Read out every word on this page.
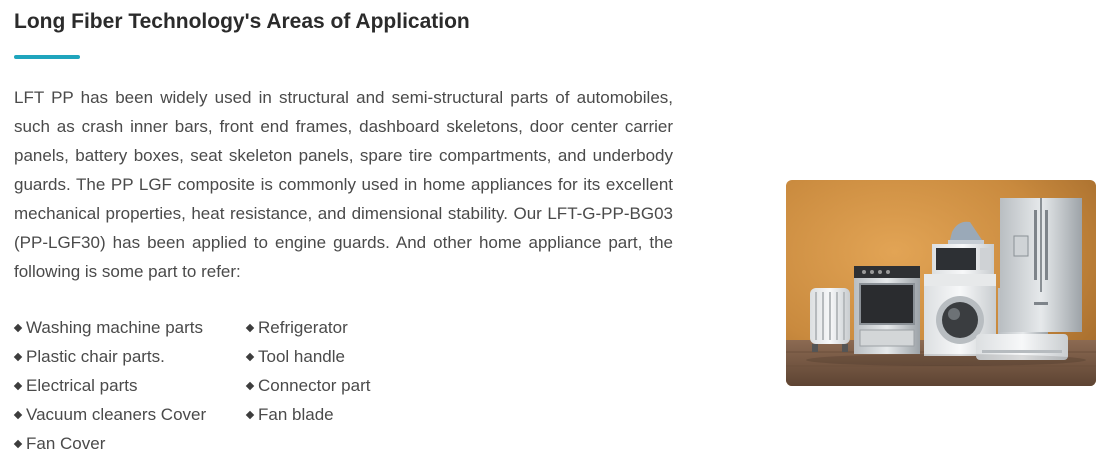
Long Fiber Technology's Areas of Application

LFT PP has been widely used in structural and semi-structural parts of automobiles, such as crash inner bars, front end frames, dashboard skeletons, door center carrier panels, battery boxes, seat skeleton panels, spare tire compartments, and underbody guards. The PP LGF composite is commonly used in home appliances for its excellent mechanical properties, heat resistance, and dimensional stability. Our LFT-G-PP-BG03 (PP-LGF30) has been applied to engine guards. And other home appliance part, the following is some part to refer:

Washing machine parts	Refrigerator
Plastic chair parts.	Tool handle
Electrical parts	Connector part
Vacuum cleaners Cover	Fan blade
Fan Cover
